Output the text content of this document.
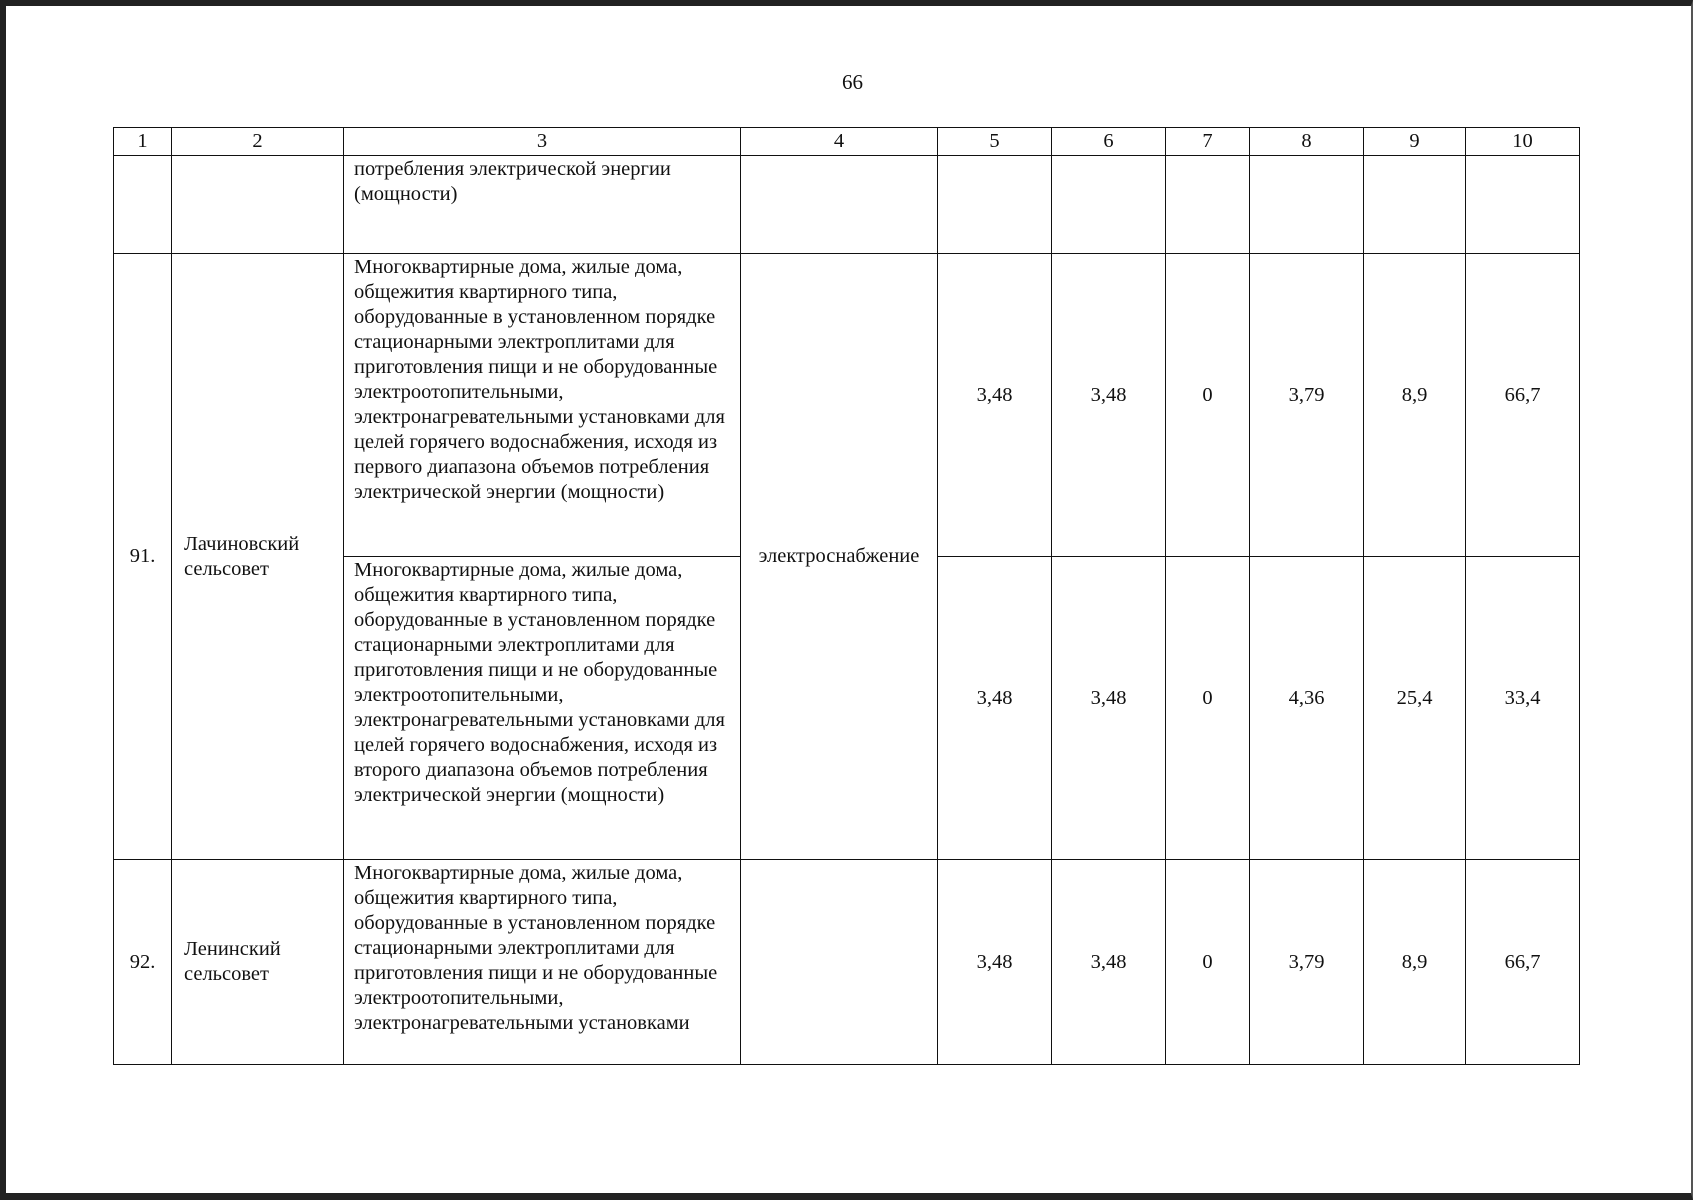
66
1	2	3	4	5	6	7	8	9	10
		потребления электрической энергии (мощности)							
91.	Лачиновский сельсовет	Многоквартирные дома, жилые дома, общежития квартирного типа, оборудованные в установленном порядке стационарными электроплитами для приготовления пищи и не оборудованные электроотопительными, электронагревательными установками для целей горячего водоснабжения, исходя из первого диапазона объемов потребления электрической энергии (мощности)	электроснабжение	3,48	3,48	0	3,79	8,9	66,7
		Многоквартирные дома, жилые дома, общежития квартирного типа, оборудованные в установленном порядке стационарными электроплитами для приготовления пищи и не оборудованные электроотопительными, электронагревательными установками для целей горячего водоснабжения, исходя из второго диапазона объемов потребления электрической энергии (мощности)		3,48	3,48	0	4,36	25,4	33,4
92.	Ленинский сельсовет	Многоквартирные дома, жилые дома, общежития квартирного типа, оборудованные в установленном порядке стационарными электроплитами для приготовления пищи и не оборудованные электроотопительными, электронагревательными установками		3,48	3,48	0	3,79	8,9	66,7
